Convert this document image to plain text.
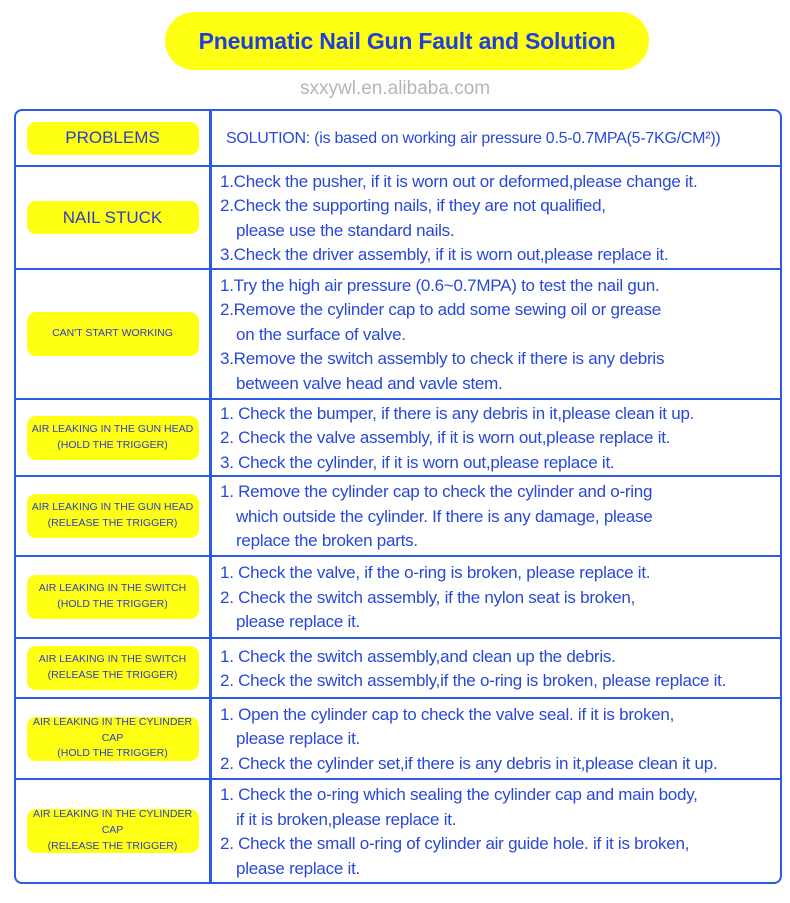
Pneumatic Nail Gun Fault and Solution
sxxywl.en.alibaba.com
PROBLEMS	SOLUTION: (is based on working air pressure 0.5-0.7MPA(5-7KG/CM²))
NAIL STUCK
1.Check the pusher, if it is worn out or deformed,please change it.
2.Check the supporting nails, if they are not qualified,
please use the standard nails.
3.Check the driver assembly, if it is worn out,please replace it.
CAN'T START WORKING
1.Try the high air pressure (0.6~0.7MPA) to test the nail gun.
2.Remove the cylinder cap to add some sewing oil or grease
on the surface of valve.
3.Remove the switch assembly to check if there is any debris
between valve head and vavle stem.
AIR LEAKING IN THE GUN HEAD
(HOLD THE TRIGGER)
1. Check the bumper, if there is any debris in it,please clean it up.
2. Check the valve assembly, if it is worn out,please replace it.
3. Check the cylinder, if it is worn out,please replace it.
AIR LEAKING IN THE GUN HEAD
(RELEASE THE TRIGGER)
1. Remove the cylinder cap to check the cylinder and o-ring
which outside the cylinder. If there is any damage, please
replace the broken parts.
AIR LEAKING IN THE SWITCH
(HOLD THE TRIGGER)
1. Check the valve, if the o-ring is broken, please replace it.
2. Check the switch assembly, if the nylon seat is broken,
please replace it.
AIR LEAKING IN THE SWITCH
(RELEASE THE TRIGGER)
1. Check the switch assembly,and clean up the debris.
2. Check the switch assembly,if the o-ring is broken, please replace it.
AIR LEAKING IN THE CYLINDER CAP
(HOLD THE TRIGGER)
1. Open the cylinder cap to check the valve seal. if it is broken,
please replace it.
2. Check the cylinder set,if there is any debris in it,please clean it up.
AIR LEAKING IN THE CYLINDER CAP
(RELEASE THE TRIGGER)
1. Check the o-ring which sealing the cylinder cap and main body,
if it is broken,please replace it.
2. Check the small o-ring of cylinder air guide hole. if it is broken,
please replace it.
